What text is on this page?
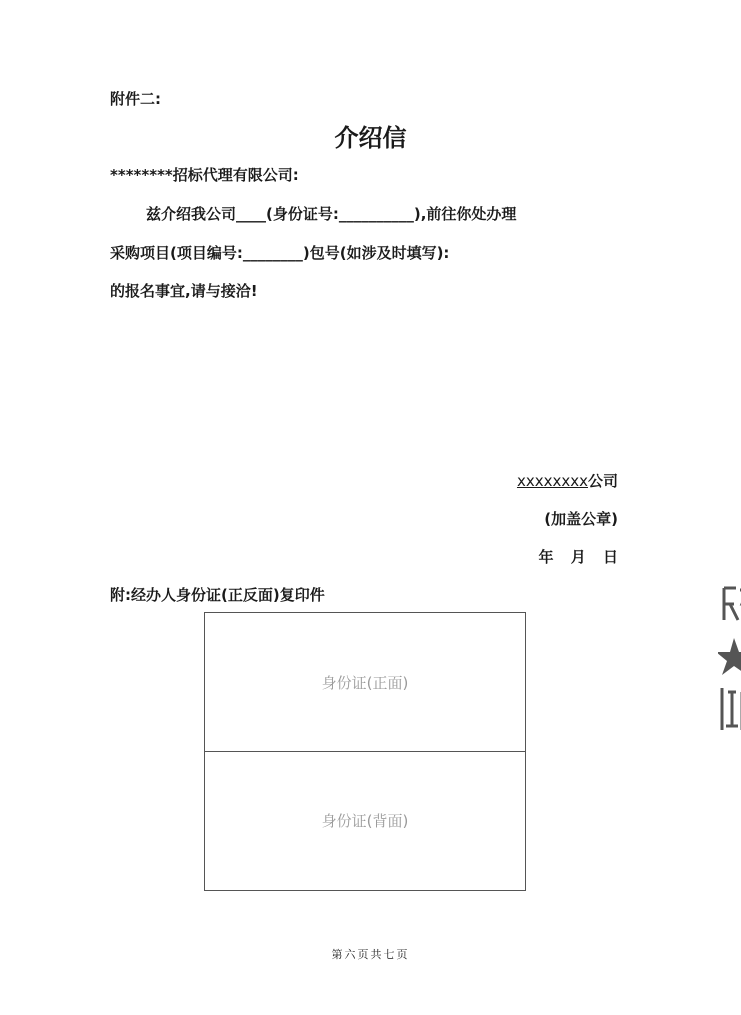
附件二:
介绍信
********招标代理有限公司:
兹介绍我公司____(身份证号:__________),前往你处办理
采购项目(项目编号:________)包号(如涉及时填写):
的报名事宜,请与接洽!
xxxxxxxx公司
(加盖公章)
年 月 日
附:经办人身份证(正反面)复印件
身份证(正面)
身份证(背面)
第六页共七页
